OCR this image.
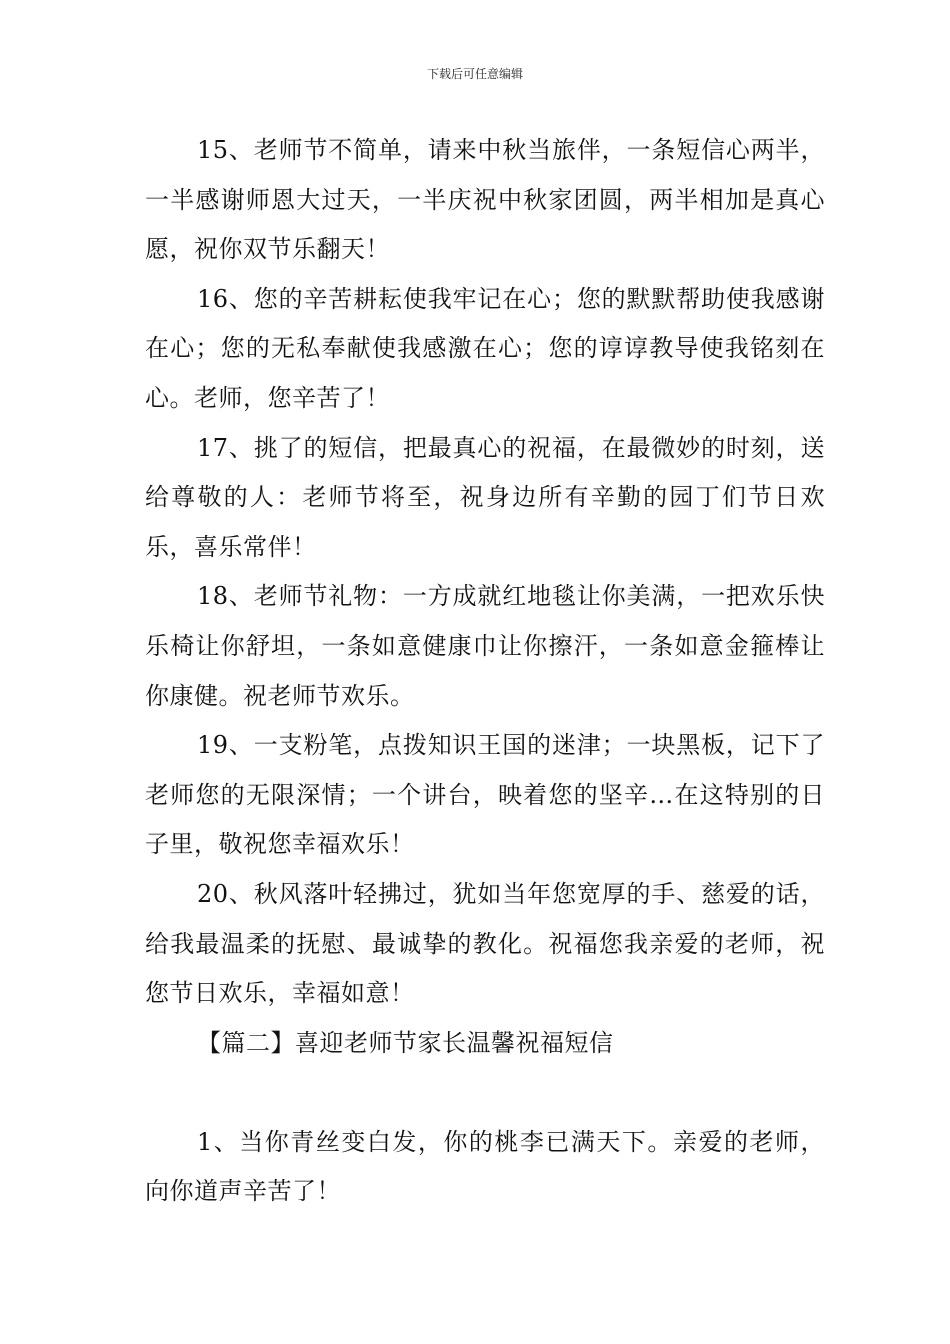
下载后可任意编辑

15、老师节不简单，请来中秋当旅伴，一条短信心两半，一半感谢师恩大过天，一半庆祝中秋家团圆，两半相加是真心愿，祝你双节乐翻天！

16、您的辛苦耕耘使我牢记在心；您的默默帮助使我感谢在心；您的无私奉献使我感激在心；您的谆谆教导使我铭刻在心。老师，您辛苦了！

17、挑了的短信，把最真心的祝福，在最微妙的时刻，送给尊敬的人：老师节将至，祝身边所有辛勤的园丁们节日欢乐，喜乐常伴！

18、老师节礼物：一方成就红地毯让你美满，一把欢乐快乐椅让你舒坦，一条如意健康巾让你擦汗，一条如意金箍棒让你康健。祝老师节欢乐。

19、一支粉笔，点拨知识王国的迷津；一块黑板，记下了老师您的无限深情；一个讲台，映着您的坚辛…在这特别的日子里，敬祝您幸福欢乐！

20、秋风落叶轻拂过，犹如当年您宽厚的手、慈爱的话，给我最温柔的抚慰、最诚挚的教化。祝福您我亲爱的老师，祝您节日欢乐，幸福如意！

【篇二】喜迎老师节家长温馨祝福短信

1、当你青丝变白发，你的桃李已满天下。亲爱的老师，向你道声辛苦了！
